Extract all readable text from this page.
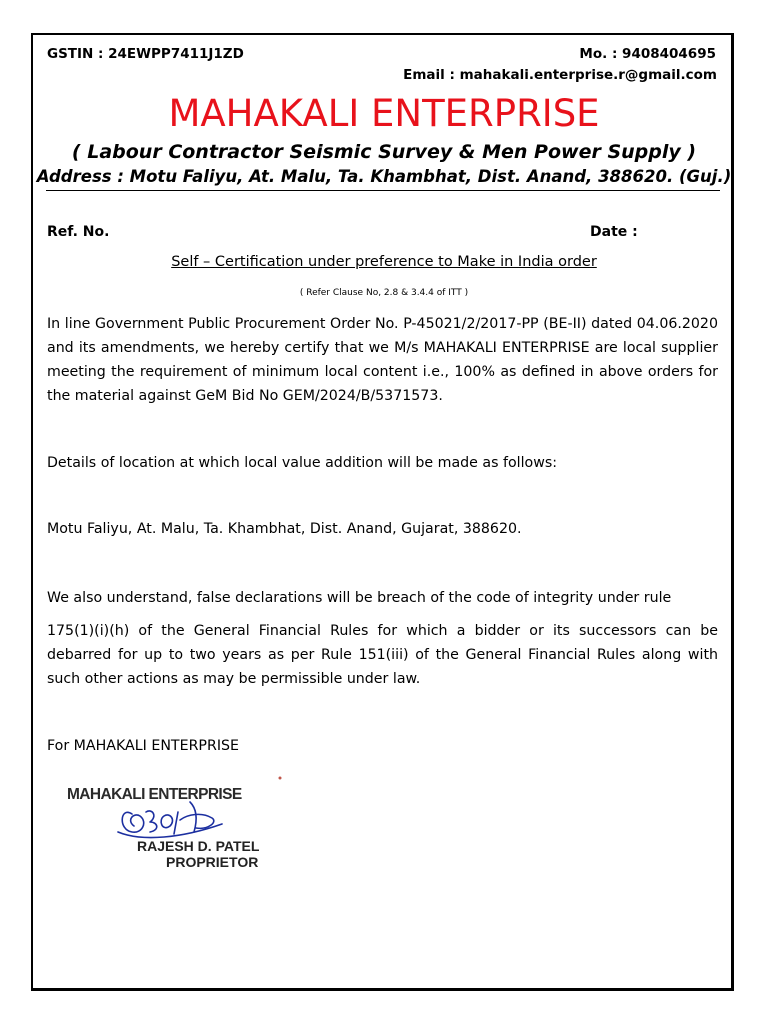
GSTIN : 24EWPP7411J1ZD	Mo. : 9408404695
Email : mahakali.enterprise.r@gmail.com
MAHAKALI ENTERPRISE
( Labour Contractor Seismic Survey & Men Power Supply )
Address : Motu Faliyu, At. Malu, Ta. Khambhat, Dist. Anand, 388620. (Guj.)
Ref. No.	Date :
Self – Certification under preference to Make in India order
( Refer Clause No, 2.8 & 3.4.4 of ITT )
In line Government Public Procurement Order No. P-45021/2/2017-PP (BE-II) dated 04.06.2020 and its amendments, we hereby certify that we M/s MAHAKALI ENTERPRISE are local supplier meeting the requirement of minimum local content i.e., 100% as defined in above orders for the material against GeM Bid No GEM/2024/B/5371573.
Details of location at which local value addition will be made as follows:
Motu Faliyu, At. Malu, Ta. Khambhat, Dist. Anand, Gujarat, 388620.
We also understand, false declarations will be breach of the code of integrity under rule
175(1)(i)(h) of the General Financial Rules for which a bidder or its successors can be debarred for up to two years as per Rule 151(iii) of the General Financial Rules along with such other actions as may be permissible under law.
For MAHAKALI ENTERPRISE
MAHAKALI ENTERPRISE
RAJESH D. PATEL
PROPRIETOR
